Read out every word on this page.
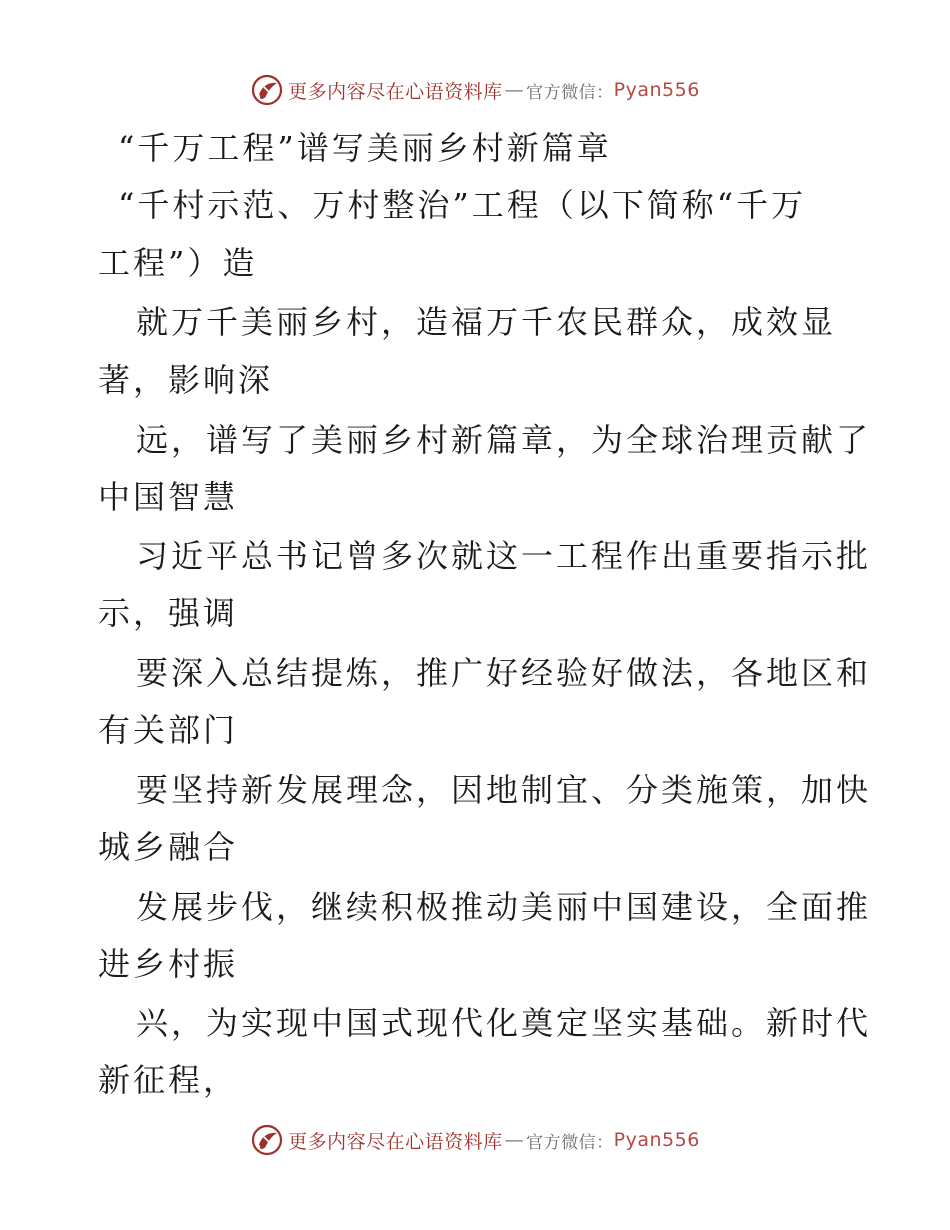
更多内容尽在心语资料库 — 官方微信： Pyan556
“千万工程”谱写美丽乡村新篇章
“千村示范、万村整治”工程（以下简称“千万
工程”）造
就万千美丽乡村，造福万千农民群众，成效显
著，影响深
远，谱写了美丽乡村新篇章，为全球治理贡献了
中国智慧
习近平总书记曾多次就这一工程作出重要指示批
示，强调
要深入总结提炼，推广好经验好做法，各地区和
有关部门
要坚持新发展理念，因地制宜、分类施策，加快
城乡融合
发展步伐，继续积极推动美丽中国建设，全面推
进乡村振
兴，为实现中国式现代化奠定坚实基础。新时代
新征程，
更多内容尽在心语资料库 — 官方微信： Pyan556
